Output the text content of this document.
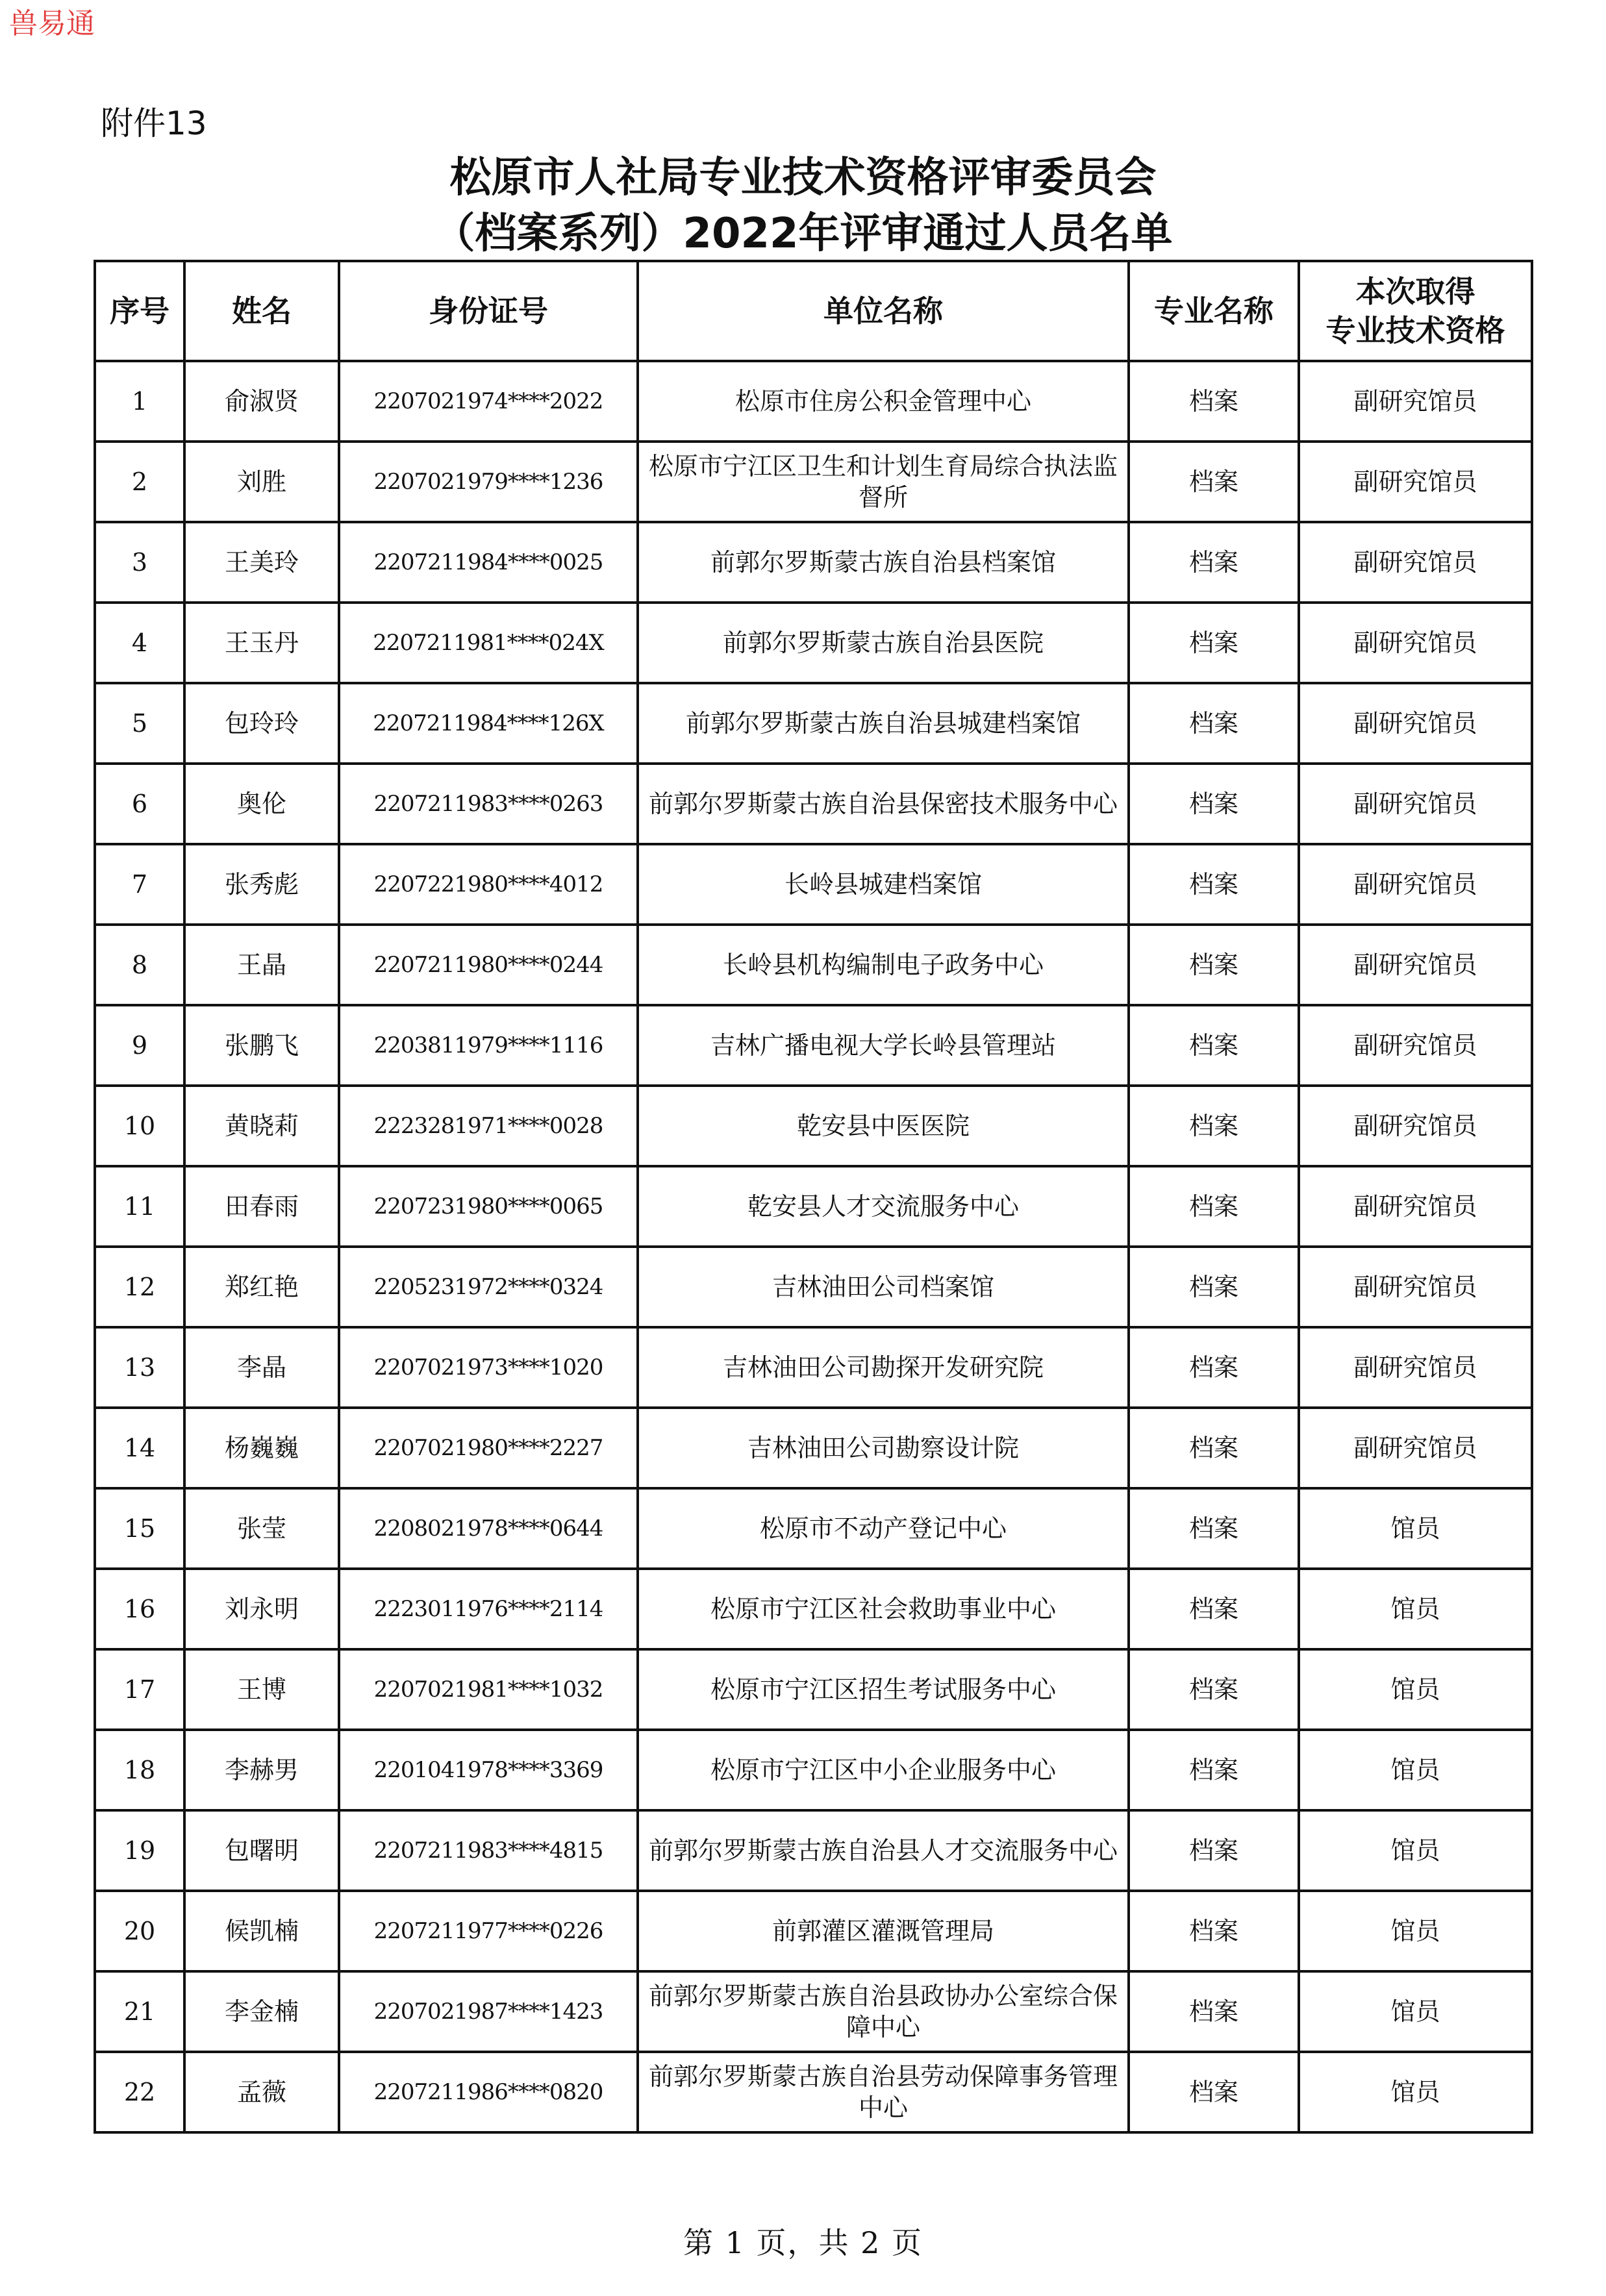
兽易通
附件13
松原市人社局专业技术资格评审委员会
（档案系列）2022年评审通过人员名单
序号	姓名	身份证号	单位名称	专业名称	本次取得
专业技术资格

1	俞淑贤	2207021974****2022	松原市住房公积金管理中心	档案	副研究馆员
2	刘胜	2207021979****1236	松原市宁江区卫生和计划生育局综合执法监督所	档案	副研究馆员
3	王美玲	2207211984****0025	前郭尔罗斯蒙古族自治县档案馆	档案	副研究馆员
4	王玉丹	2207211981****024X	前郭尔罗斯蒙古族自治县医院	档案	副研究馆员
5	包玲玲	2207211984****126X	前郭尔罗斯蒙古族自治县城建档案馆	档案	副研究馆员
6	奥伦	2207211983****0263	前郭尔罗斯蒙古族自治县保密技术服务中心	档案	副研究馆员
7	张秀彪	2207221980****4012	长岭县城建档案馆	档案	副研究馆员
8	王晶	2207211980****0244	长岭县机构编制电子政务中心	档案	副研究馆员
9	张鹏飞	2203811979****1116	吉林广播电视大学长岭县管理站	档案	副研究馆员
10	黄晓莉	2223281971****0028	乾安县中医医院	档案	副研究馆员
11	田春雨	2207231980****0065	乾安县人才交流服务中心	档案	副研究馆员
12	郑红艳	2205231972****0324	吉林油田公司档案馆	档案	副研究馆员
13	李晶	2207021973****1020	吉林油田公司勘探开发研究院	档案	副研究馆员
14	杨巍巍	2207021980****2227	吉林油田公司勘察设计院	档案	副研究馆员
15	张莹	2208021978****0644	松原市不动产登记中心	档案	馆员
16	刘永明	2223011976****2114	松原市宁江区社会救助事业中心	档案	馆员
17	王博	2207021981****1032	松原市宁江区招生考试服务中心	档案	馆员
18	李赫男	2201041978****3369	松原市宁江区中小企业服务中心	档案	馆员
19	包曙明	2207211983****4815	前郭尔罗斯蒙古族自治县人才交流服务中心	档案	馆员
20	候凯楠	2207211977****0226	前郭灌区灌溉管理局	档案	馆员
21	李金楠	2207021987****1423	前郭尔罗斯蒙古族自治县政协办公室综合保障中心	档案	馆员
22	孟薇	2207211986****0820	前郭尔罗斯蒙古族自治县劳动保障事务管理中心	档案	馆员
第 1 页，共 2 页
